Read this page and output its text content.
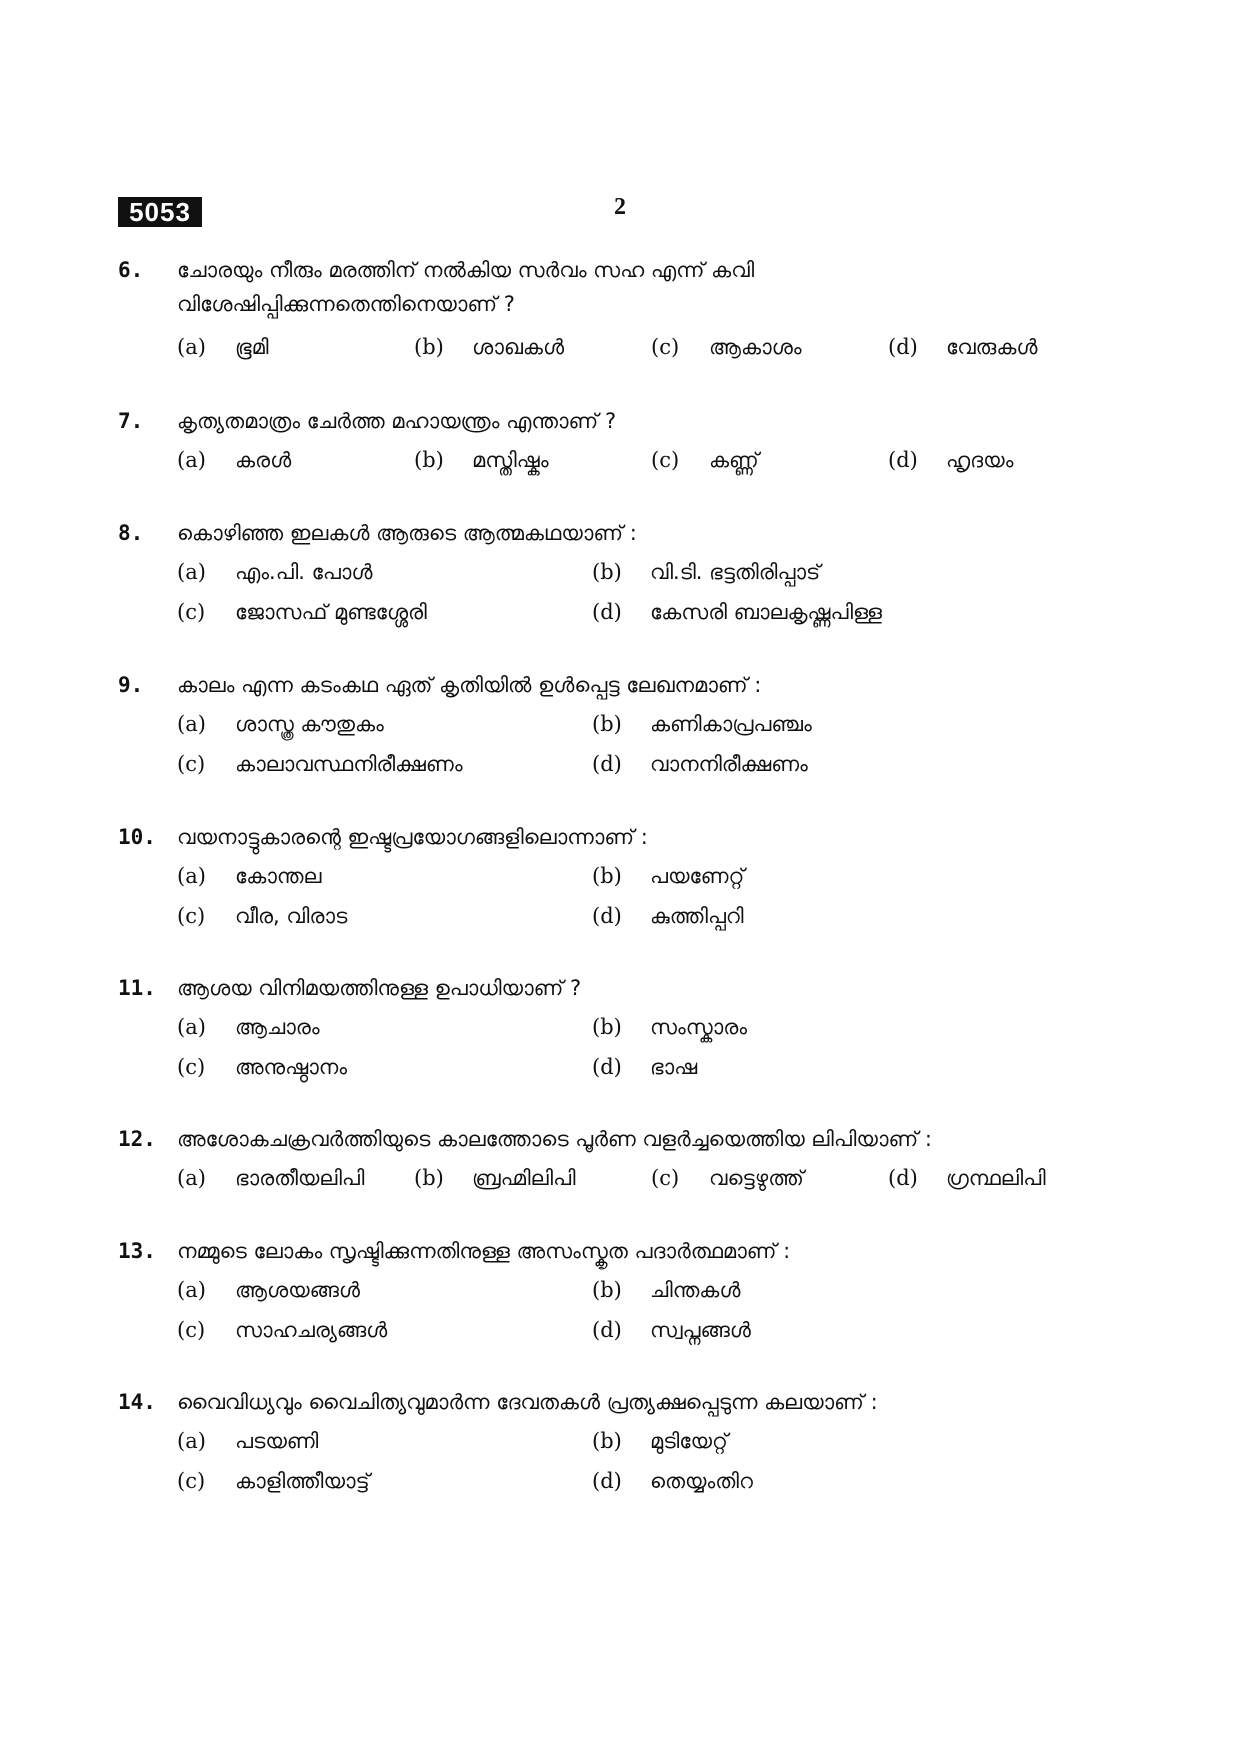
5053	2
6. ചോരയും നീരും മരത്തിന് നൽകിയ സർവം സഹ എന്ന് കവി വിശേഷിപ്പിക്കുന്നതെന്തിനെയാണ് ?
(a) ഭൂമി	(b) ശാഖകൾ	(c) ആകാശം	(d) വേരുകൾ
7. കൃത്യതമാത്രം ചേർത്ത മഹായന്ത്രം എന്താണ് ?
(a) കരൾ	(b) മസ്തിഷ്കം	(c) കണ്ണ്	(d) ഹൃദയം
8. കൊഴിഞ്ഞ ഇലകൾ ആരുടെ ആത്മകഥയാണ് :
(a) എം.പി. പോൾ	(b) വി.ടി. ഭട്ടതിരിപ്പാട്
(c) ജോസഫ് മുണ്ടശ്ശേരി	(d) കേസരി ബാലകൃഷ്ണപിള്ള
9. കാലം എന്ന കടംകഥ ഏത് കൃതിയിൽ ഉൾപ്പെട്ട ലേഖനമാണ് :
(a) ശാസ്ത്ര കൗതുകം	(b) കണികാപ്രപഞ്ചം
(c) കാലാവസ്ഥനിരീക്ഷണം	(d) വാനനിരീക്ഷണം
10. വയനാട്ടുകാരന്റെ ഇഷ്ടപ്രയോഗങ്ങളിലൊന്നാണ് :
(a) കോന്തല	(b) പയണേറ്റ്
(c) വീര, വിരാട	(d) കുത്തിപ്പറി
11. ആശയ വിനിമയത്തിനുള്ള ഉപാധിയാണ് ?
(a) ആചാരം	(b) സംസ്കാരം
(c) അനുഷ്ഠാനം	(d) ഭാഷ
12. അശോകചക്രവർത്തിയുടെ കാലത്തോടെ പൂർണ വളർച്ചയെത്തിയ ലിപിയാണ് :
(a) ഭാരതീയലിപി (b) ബ്രഹ്മിലിപി	(c) വട്ടെഴുത്ത്	(d) ഗ്രന്ഥലിപി
13. നമ്മുടെ ലോകം സൃഷ്ടിക്കുന്നതിനുള്ള അസംസ്കൃത പദാർത്ഥമാണ് :
(a) ആശയങ്ങൾ	(b) ചിന്തകൾ
(c) സാഹചര്യങ്ങൾ	(d) സ്വപ്നങ്ങൾ
14. വൈവിധ്യവും വൈചിത്യവുമാർന്ന ദേവതകൾ പ്രത്യക്ഷപ്പെടുന്ന കലയാണ് :
(a) പടയണി	(b) മുടിയേറ്റ്
(c) കാളിത്തീയാട്ട്	(d) തെയ്യംതിറ
